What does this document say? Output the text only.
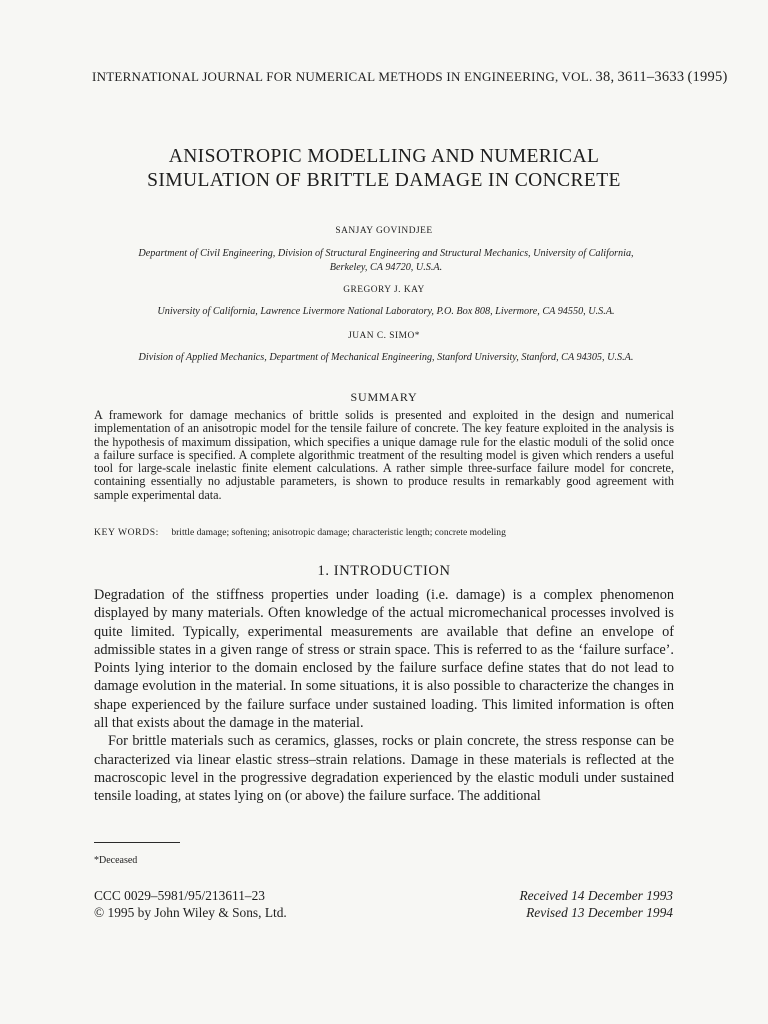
INTERNATIONAL JOURNAL FOR NUMERICAL METHODS IN ENGINEERING, VOL. 38, 3611–3633 (1995)
ANISOTROPIC MODELLING AND NUMERICAL
SIMULATION OF BRITTLE DAMAGE IN CONCRETE
SANJAY GOVINDJEE
Department of Civil Engineering, Division of Structural Engineering and Structural Mechanics, University of California,
Berkeley, CA 94720, U.S.A.
GREGORY J. KAY
University of California, Lawrence Livermore National Laboratory, P.O. Box 808, Livermore, CA 94550, U.S.A.
JUAN C. SIMO*
Division of Applied Mechanics, Department of Mechanical Engineering, Stanford University, Stanford, CA 94305, U.S.A.
SUMMARY
A framework for damage mechanics of brittle solids is presented and exploited in the design and numerical implementation of an anisotropic model for the tensile failure of concrete. The key feature exploited in the analysis is the hypothesis of maximum dissipation, which specifies a unique damage rule for the elastic moduli of the solid once a failure surface is specified. A complete algorithmic treatment of the resulting model is given which renders a useful tool for large-scale inelastic finite element calculations. A rather simple three-surface failure model for concrete, containing essentially no adjustable parameters, is shown to produce results in remarkably good agreement with sample experimental data.
KEY WORDS: brittle damage; softening; anisotropic damage; characteristic length; concrete modeling
1. INTRODUCTION

Degradation of the stiffness properties under loading (i.e. damage) is a complex phenomenon displayed by many materials. Often knowledge of the actual micromechanical processes involved is quite limited. Typically, experimental measurements are available that define an envelope of admissible states in a given range of stress or strain space. This is referred to as the ‘failure surface’. Points lying interior to the domain enclosed by the failure surface define states that do not lead to damage evolution in the material. In some situations, it is also possible to characterize the changes in shape experienced by the failure surface under sustained loading. This limited information is often all that exists about the damage in the material.

For brittle materials such as ceramics, glasses, rocks or plain concrete, the stress response can be characterized via linear elastic stress–strain relations. Damage in these materials is reflected at the macroscopic level in the progressive degradation experienced by the elastic moduli under sustained tensile loading, at states lying on (or above) the failure surface. The additional

*Deceased
CCC 0029–5981/95/213611–23
© 1995 by John Wiley & Sons, Ltd.
Received 14 December 1993
Revised 13 December 1994
